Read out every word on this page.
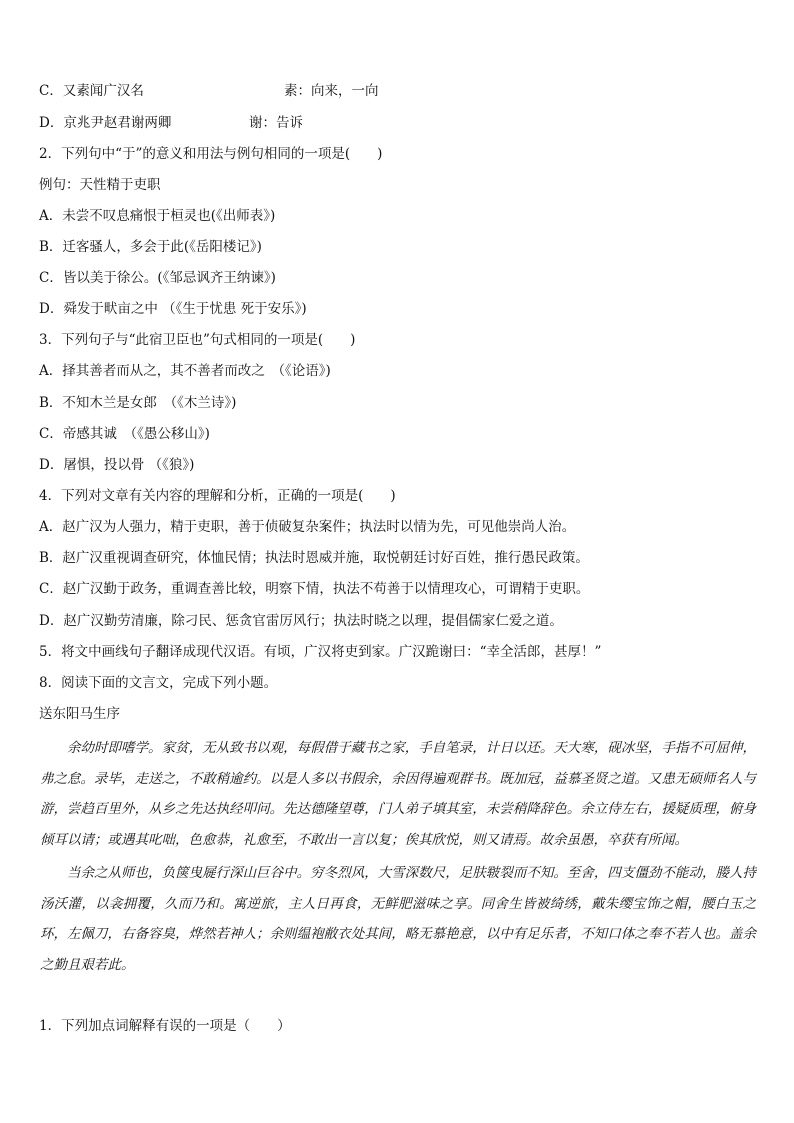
C．又素闻广汉名	素：向来，一向
D．京兆尹赵君谢两卿	谢：告诉
2．下列句中“于”的意义和用法与例句相同的一项是(　　)
例句：天性精于吏职
A．未尝不叹息痛恨于桓灵也(《出师表》)
B．迁客骚人，多会于此(《岳阳楼记》)
C．皆以美于徐公。(《邹忌讽齐王纳谏》)
D．舜发于畎亩之中 （《生于忧患 死于安乐》)
3．下列句子与“此宿卫臣也”句式相同的一项是(　　)
A．择其善者而从之，其不善者而改之　（《论语》)
B．不知木兰是女郎　（《木兰诗》)
C．帝感其诚　（《愚公移山》)
D．屠惧，投以骨 （《狼》)
4．下列对文章有关内容的理解和分析，正确的一项是(　　)
A．赵广汉为人强力，精于吏职，善于侦破复杂案件；执法时以情为先，可见他崇尚人治。
B．赵广汉重视调查研究，体恤民情；执法时恩威并施，取悦朝廷讨好百姓，推行愚民政策。
C．赵广汉勤于政务，重调查善比较，明察下情，执法不苟善于以情理攻心，可谓精于吏职。
D．赵广汉勤劳清廉，除刁民、惩贪官雷厉风行；执法时晓之以理，提倡儒家仁爱之道。
5．将文中画线句子翻译成现代汉语。有顷，广汉将吏到家。广汉跪谢曰：“幸全活郎，甚厚！”
8．阅读下面的文言文，完成下列小题。
送东阳马生序
余幼时即嗜学。家贫，无从致书以观，每假借于藏书之家，手自笔录，计日以还。天大寒，砚冰坚，手指不可屈伸，弗之怠。录毕，走送之，不敢稍逾约。以是人多以书假余，余因得遍观群书。既加冠，益慕圣贤之道。又患无硕师名人与游，尝趋百里外，从乡之先达执经叩问。先达德隆望尊，门人弟子填其室，未尝稍降辞色。余立侍左右，援疑质理，俯身倾耳以请；或遇其叱咄，色愈恭，礼愈至，不敢出一言以复；俟其欣悦，则又请焉。故余虽愚，卒获有所闻。
当余之从师也，负箧曳屣行深山巨谷中。穷冬烈风，大雪深数尺，足肤皲裂而不知。至舍，四支僵劲不能动，媵人持汤沃灌，以衾拥覆，久而乃和。寓逆旅，主人日再食，无鲜肥滋味之享。同舍生皆被绮绣，戴朱缨宝饰之帽，腰白玉之环，左佩刀，右备容臭，烨然若神人；余则缊袍敝衣处其间，略无慕艳意，以中有足乐者，不知口体之奉不若人也。盖余之勤且艰若此。
1．下列加点词解释有误的一项是（　　）
